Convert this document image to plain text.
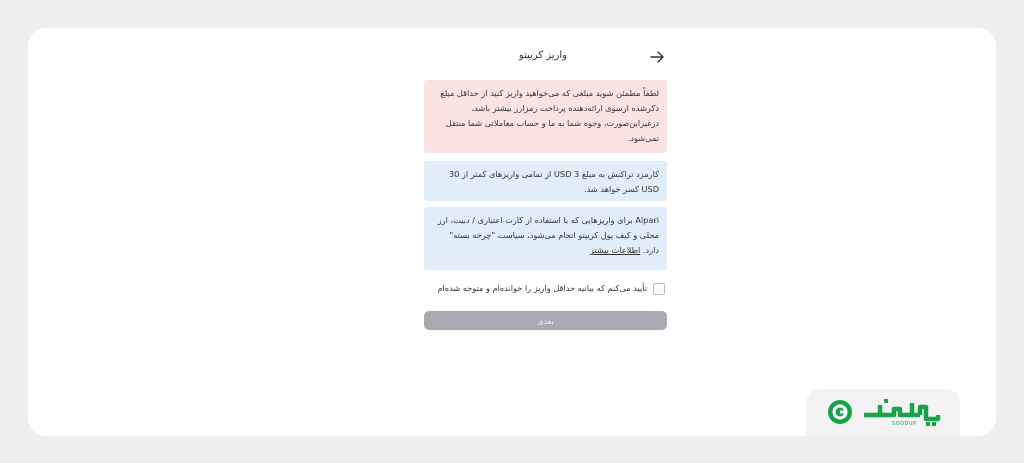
واریز کریپتو
لطفاً مطمئن شوید مبلغی که می‌خواهید واریز کنید از حداقل مبلغ ذکرشده ازسوی ارائه‌دهنده پرداخت رمزارز بیشتر باشد، درغیراین‌صورت، وجوه شما به ما و حساب معاملاتی شما منتقل نمی‌شود.
کارمزد تراکنش به مبلغ USD 3 از تمامی واریزهای کمتر از 30 USD کسر خواهد شد.
Alpari برای واریزهایی که با استفاده از کارت اعتباری / دبیت، ارز محلی و کیف پول کریپتو انجام می‌شود، سیاست "چرخه بسته" دارد. اطلاعات بیشتر
تأیید می‌کنم که بیانیه حداقل واریز را خوانده‌ام و متوجه شده‌ام
بعدی
SOODUP
